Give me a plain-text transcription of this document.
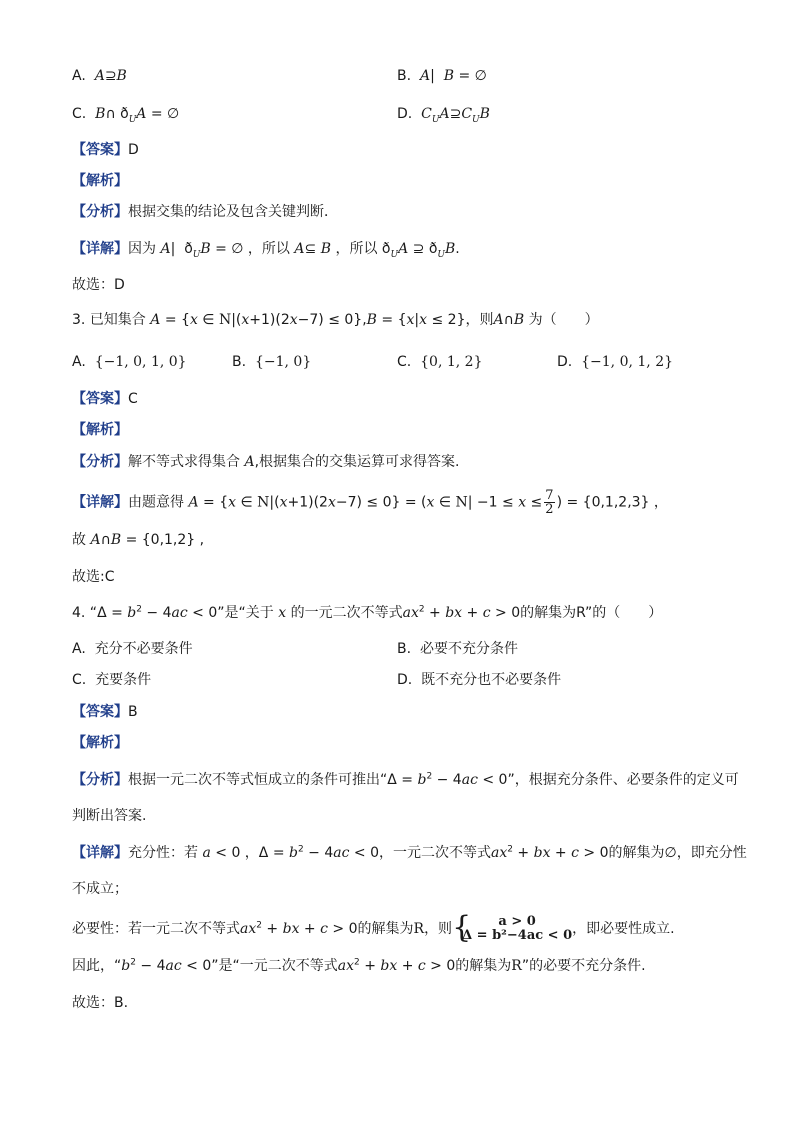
A. A⊇B	B. A|  B = ∅
C. B∩ $ð_UA$ = ∅	D. $C_UA⊇C_UB$
【答案】D
【解析】
【分析】根据交集的结论及包含关键判断．
【详解】因为 A|  $ð_UB$ = ∅ ，所以 A⊆ B ，所以 $ð_UA$ ⊇ $ð_UB$.
故选：D
3. 已知集合 A = {x ∈ N|(x+1)(2x−7) ≤ 0},B = {x|x ≤ 2}，则A∩B 为（　　）
A. {−1, 0, 1, 0}	B. {−1, 0}	C. {0, 1, 2}	D. {−1, 0, 1, 2}
【答案】C
【解析】
【分析】解不等式求得集合 A,根据集合的交集运算可求得答案.
【详解】由题意得 A = {x ∈ N|(x+1)(2x−7) ≤ 0} = (x ∈ $N| -1 \le x \le \frac{7}{2}$ ) = {0,1,2,3} ，
故 A∩B = {0,1,2} ,
故选:C
4. “$\Delta = b^2 - 4ac < 0$”是“关于 x 的一元二次不等式$ax^2$ + bx + c > 0的解集为R”的（　　）
A. 充分不必要条件	B. 必要不充分条件
C. 充要条件	D. 既不充分也不必要条件
【答案】B
【解析】
【分析】根据一元二次不等式恒成立的条件可推出“$\Delta = b^2 - 4ac < 0$”，根据充分条件、必要条件的定义可
判断出答案.
【详解】充分性：若 a < 0 ，$\Delta = b^2 - 4ac < 0$，一元二次不等式$ax^2$ + bx + c > 0的解集为∅，即充分性
不成立；
必要性：若一元二次不等式$ax^2$ + bx + c > 0的解集为R，则 {	a > 0
Δ = b²−4ac < 0 ，即必要性成立.
因此，“$b^2 - 4ac < 0$”是“一元二次不等式$ax^2$ + bx + c > 0的解集为R”的必要不充分条件.
故选：B.
